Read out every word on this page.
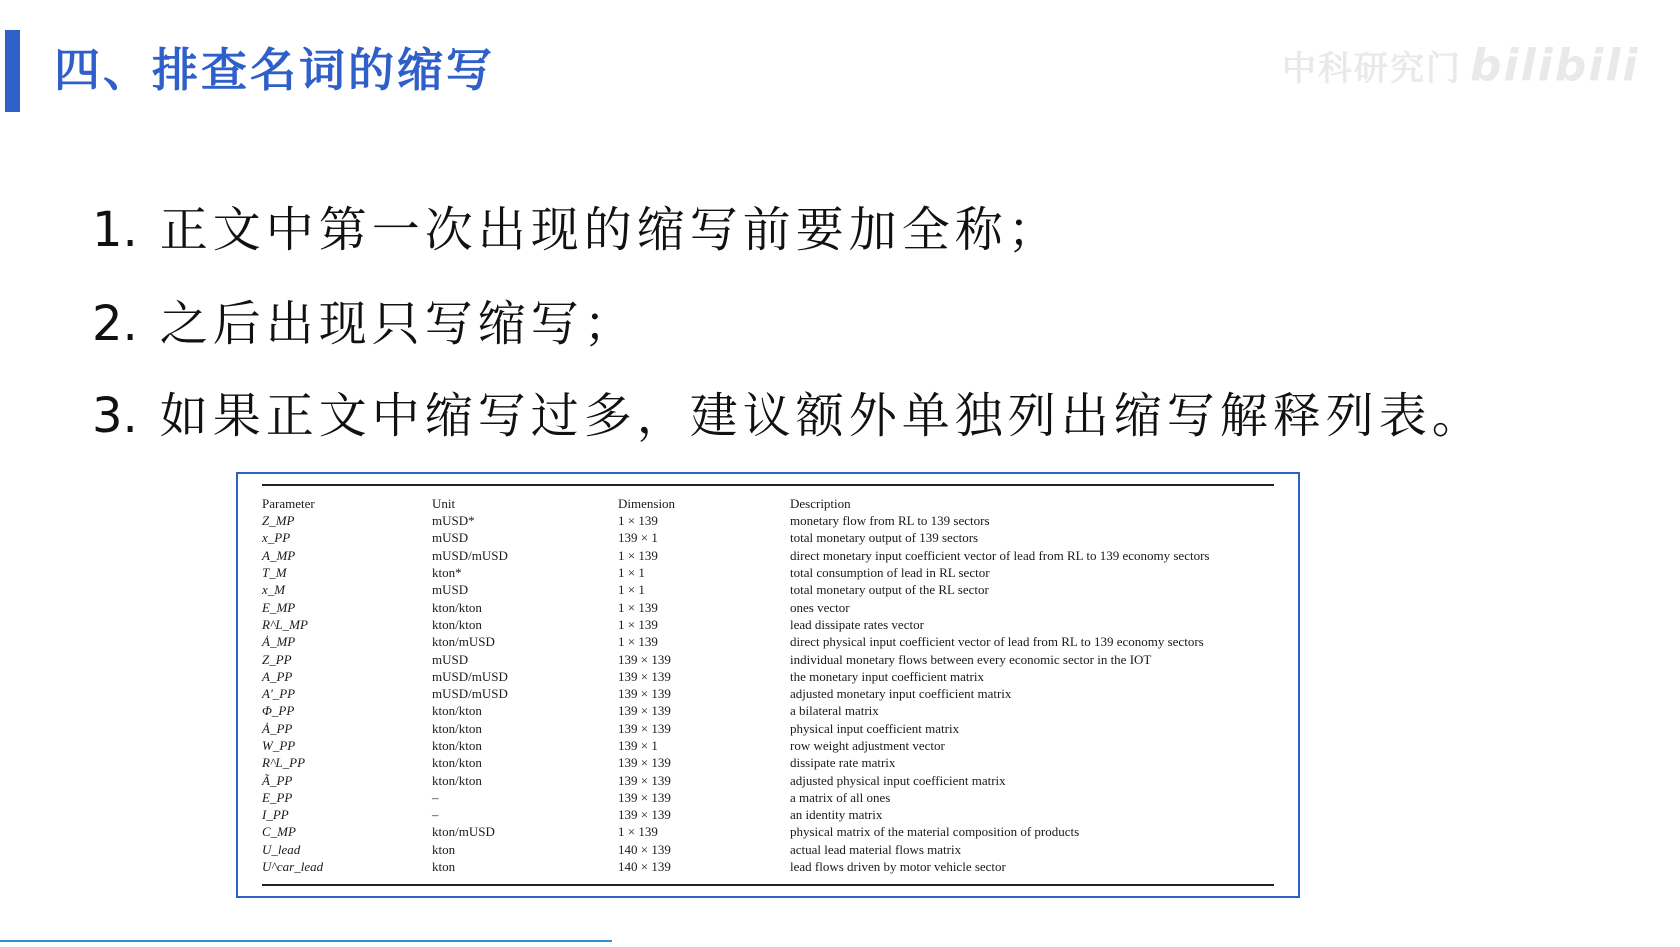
四、排查名词的缩写	中科研究门 bilibili
1. 正文中第一次出现的缩写前要加全称；
2. 之后出现只写缩写；
3. 如果正文中缩写过多，建议额外单独列出缩写解释列表。
Parameter	Unit	Dimension	Description
Z_MP	mUSD*	1 × 139	monetary flow from RL to 139 sectors
x_PP	mUSD	139 × 1	total monetary output of 139 sectors
A_MP	mUSD/mUSD	1 × 139	direct monetary input coefficient vector of lead from RL to 139 economy sectors
T_M	kton*	1 × 1	total consumption of lead in RL sector
x_M	mUSD	1 × 1	total monetary output of the RL sector
E_MP	kton/kton	1 × 139	ones vector
R^L_MP	kton/kton	1 × 139	lead dissipate rates vector
Ȧ_MP	kton/mUSD	1 × 139	direct physical input coefficient vector of lead from RL to 139 economy sectors
Z_PP	mUSD	139 × 139	individual monetary flows between every economic sector in the IOT
A_PP	mUSD/mUSD	139 × 139	the monetary input coefficient matrix
A'_PP	mUSD/mUSD	139 × 139	adjusted monetary input coefficient matrix
Φ_PP	kton/kton	139 × 139	a bilateral matrix
Ȧ_PP	kton/kton	139 × 139	physical input coefficient matrix
W_PP	kton/kton	139 × 1	row weight adjustment vector
R^L_PP	kton/kton	139 × 139	dissipate rate matrix
Ã_PP	kton/kton	139 × 139	adjusted physical input coefficient matrix
E_PP	–	139 × 139	a matrix of all ones
I_PP	–	139 × 139	an identity matrix
C_MP	kton/mUSD	1 × 139	physical matrix of the material composition of products
U_lead	kton	140 × 139	actual lead material flows matrix
U^car_lead	kton	140 × 139	lead flows driven by motor vehicle sector
